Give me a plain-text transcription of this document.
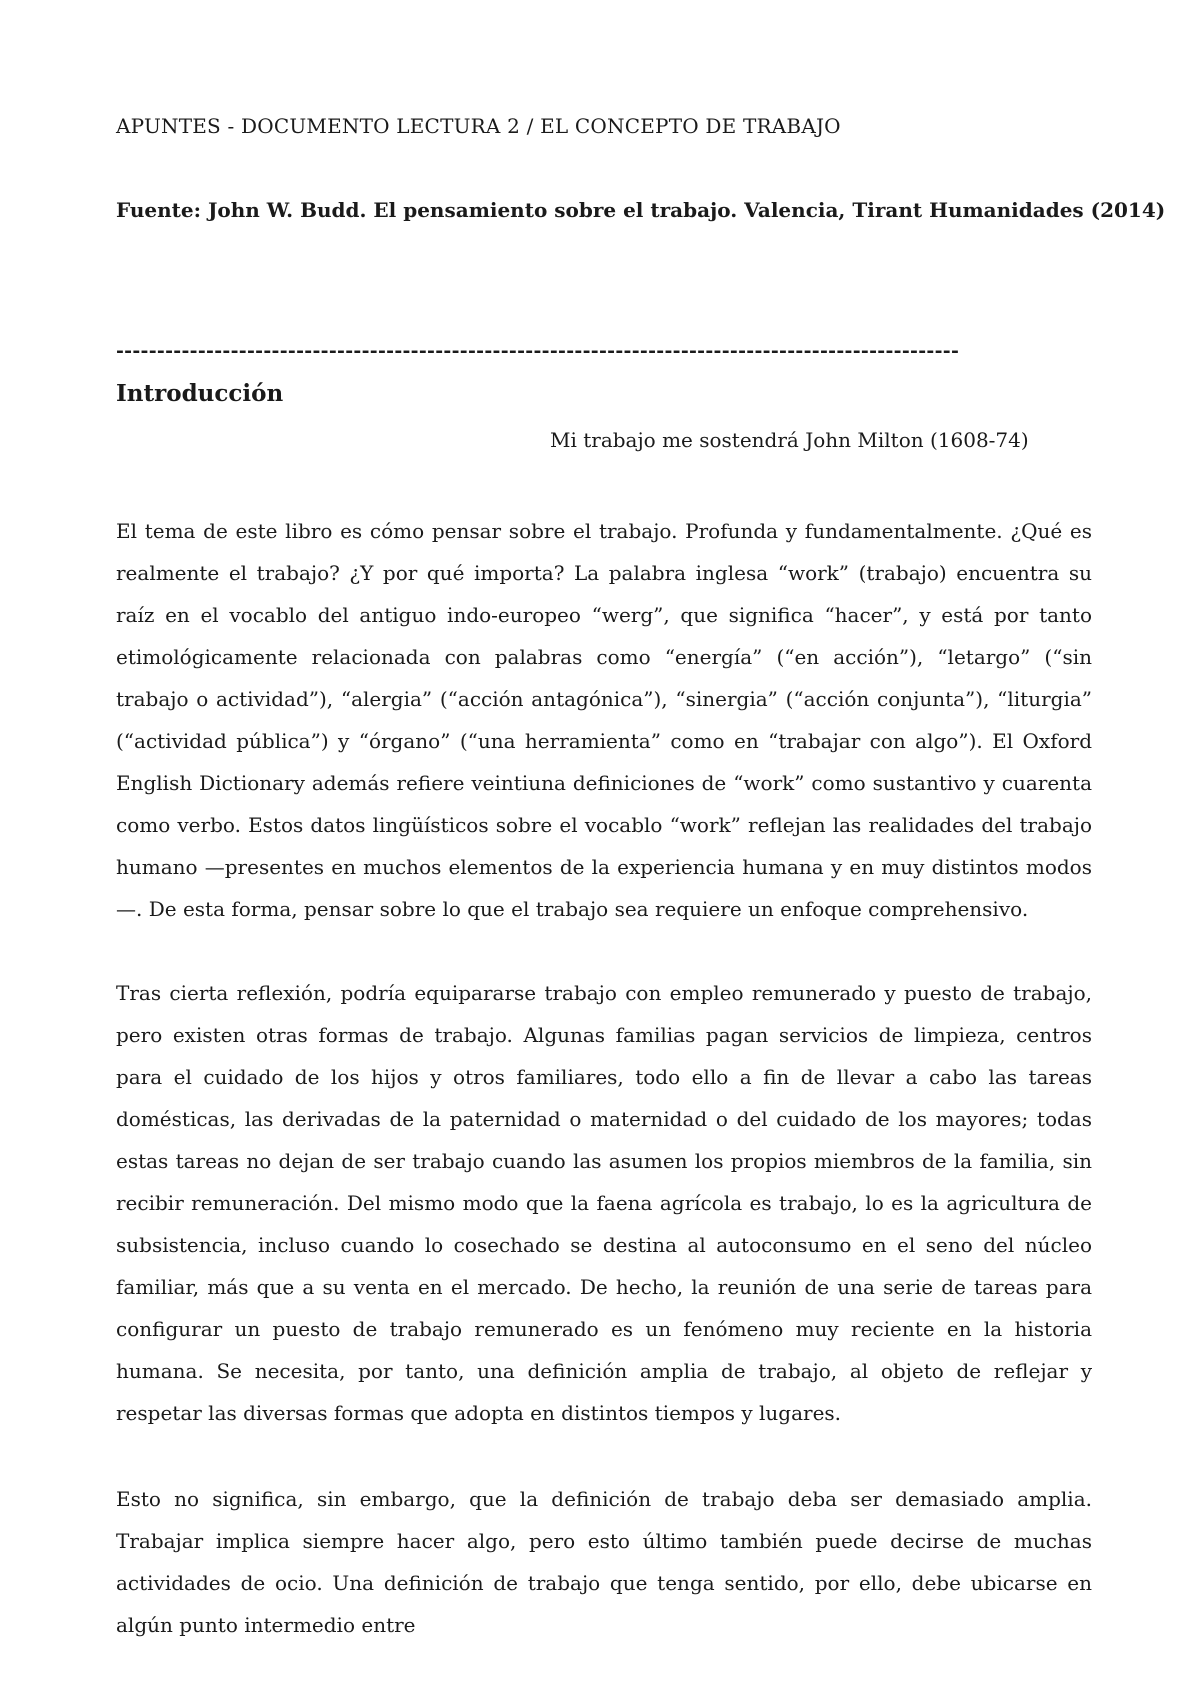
APUNTES - DOCUMENTO LECTURA 2 / EL CONCEPTO DE TRABAJO
Fuente: John W. Budd. El pensamiento sobre el trabajo. Valencia, Tirant Humanidades (2014)
-------------------------------------------------------------------------------------------------------
Introducción
Mi trabajo me sostendrá John Milton (1608-74)

El tema de este libro es cómo pensar sobre el trabajo. Profunda y fundamentalmente. ¿Qué es realmente el trabajo? ¿Y por qué importa? La palabra inglesa “work” (trabajo) encuentra su raíz en el vocablo del antiguo indo-europeo “werg”, que significa “hacer”, y está por tanto etimológicamente relacionada con palabras como “energía” (“en acción”), “letargo” (“sin trabajo o actividad”), “alergia” (“acción antagónica”), “sinergia” (“acción conjunta”), “liturgia” (“actividad pública”) y “órgano” (“una herramienta” como en “trabajar con algo”). El Oxford English Dictionary además refiere veintiuna definiciones de “work” como sustantivo y cuarenta como verbo. Estos datos lingüísticos sobre el vocablo “work” reflejan las realidades del trabajo humano —presentes en muchos elementos de la experiencia humana y en muy distintos modos—. De esta forma, pensar sobre lo que el trabajo sea requiere un enfoque comprehensivo.

Tras cierta reflexión, podría equipararse trabajo con empleo remunerado y puesto de trabajo, pero existen otras formas de trabajo. Algunas familias pagan servicios de limpieza, centros para el cuidado de los hijos y otros familiares, todo ello a fin de llevar a cabo las tareas domésticas, las derivadas de la paternidad o maternidad o del cuidado de los mayores; todas estas tareas no dejan de ser trabajo cuando las asumen los propios miembros de la familia, sin recibir remuneración. Del mismo modo que la faena agrícola es trabajo, lo es la agricultura de subsistencia, incluso cuando lo cosechado se destina al autoconsumo en el seno del núcleo familiar, más que a su venta en el mercado. De hecho, la reunión de una serie de tareas para configurar un puesto de trabajo remunerado es un fenómeno muy reciente en la historia humana. Se necesita, por tanto, una definición amplia de trabajo, al objeto de reflejar y respetar las diversas formas que adopta en distintos tiempos y lugares.

Esto no significa, sin embargo, que la definición de trabajo deba ser demasiado amplia. Trabajar implica siempre hacer algo, pero esto último también puede decirse de muchas actividades de ocio. Una definición de trabajo que tenga sentido, por ello, debe ubicarse en algún punto intermedio entre
